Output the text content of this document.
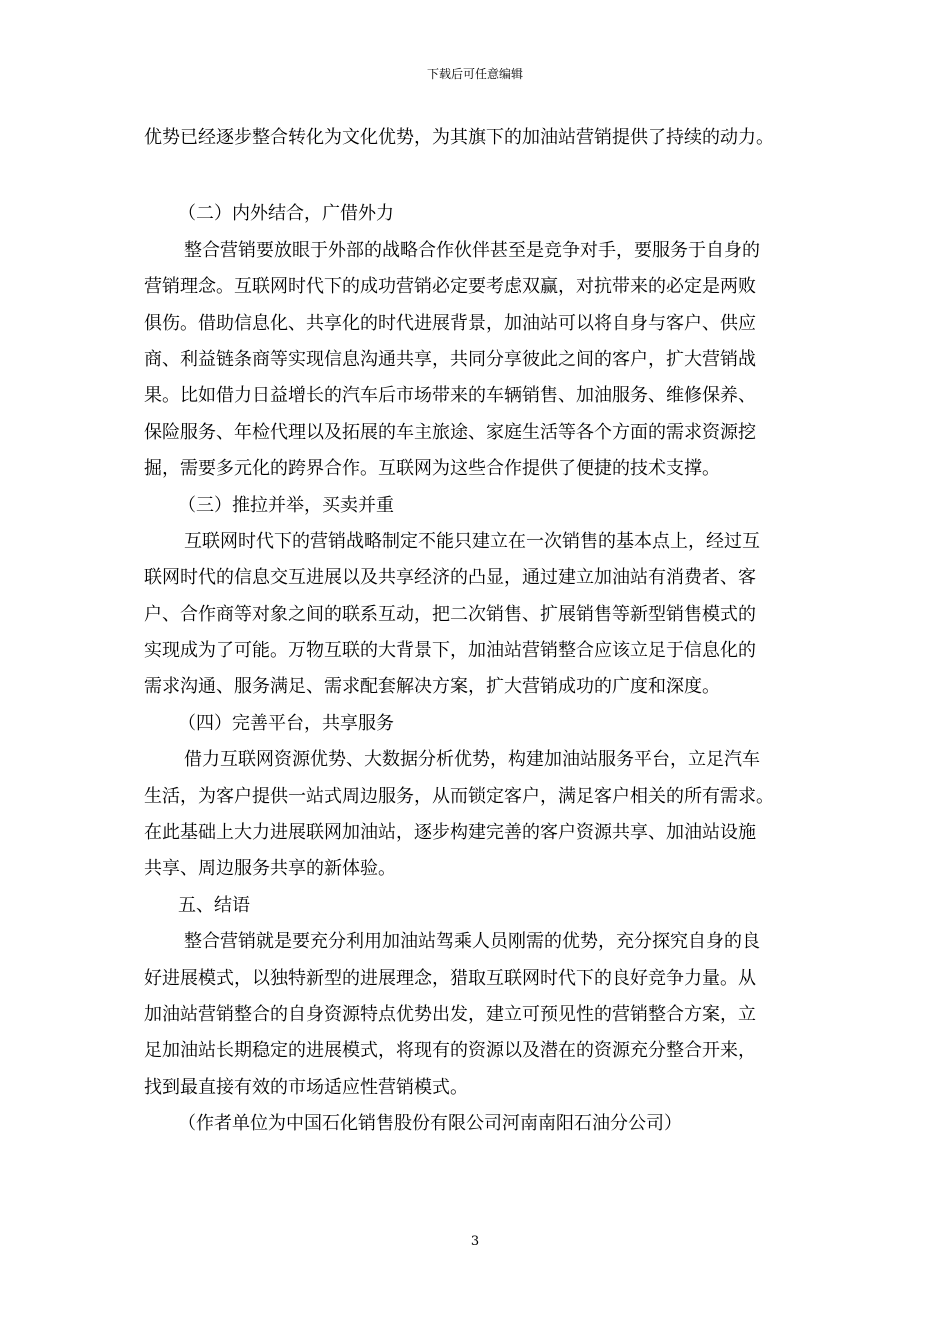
下载后可任意编辑
优势已经逐步整合转化为文化优势，为其旗下的加油站营销提供了持续的动力。
（二）内外结合，广借外力
整合营销要放眼于外部的战略合作伙伴甚至是竞争对手，要服务于自身的
营销理念。互联网时代下的成功营销必定要考虑双赢，对抗带来的必定是两败
俱伤。借助信息化、共享化的时代进展背景，加油站可以将自身与客户、供应
商、利益链条商等实现信息沟通共享，共同分享彼此之间的客户，扩大营销战
果。比如借力日益增长的汽车后市场带来的车辆销售、加油服务、维修保养、
保险服务、年检代理以及拓展的车主旅途、家庭生活等各个方面的需求资源挖
掘，需要多元化的跨界合作。互联网为这些合作提供了便捷的技术支撑。
（三）推拉并举，买卖并重
互联网时代下的营销战略制定不能只建立在一次销售的基本点上，经过互
联网时代的信息交互进展以及共享经济的凸显，通过建立加油站有消费者、客
户、合作商等对象之间的联系互动，把二次销售、扩展销售等新型销售模式的
实现成为了可能。万物互联的大背景下，加油站营销整合应该立足于信息化的
需求沟通、服务满足、需求配套解决方案，扩大营销成功的广度和深度。
（四）完善平台，共享服务
借力互联网资源优势、大数据分析优势，构建加油站服务平台，立足汽车
生活，为客户提供一站式周边服务，从而锁定客户，满足客户相关的所有需求。
在此基础上大力进展联网加油站，逐步构建完善的客户资源共享、加油站设施
共享、周边服务共享的新体验。
五、结语
整合营销就是要充分利用加油站驾乘人员刚需的优势，充分探究自身的良
好进展模式，以独特新型的进展理念，猎取互联网时代下的良好竞争力量。从
加油站营销整合的自身资源特点优势出发，建立可预见性的营销整合方案，立
足加油站长期稳定的进展模式，将现有的资源以及潜在的资源充分整合开来，
找到最直接有效的市场适应性营销模式。
（作者单位为中国石化销售股份有限公司河南南阳石油分公司）
3
